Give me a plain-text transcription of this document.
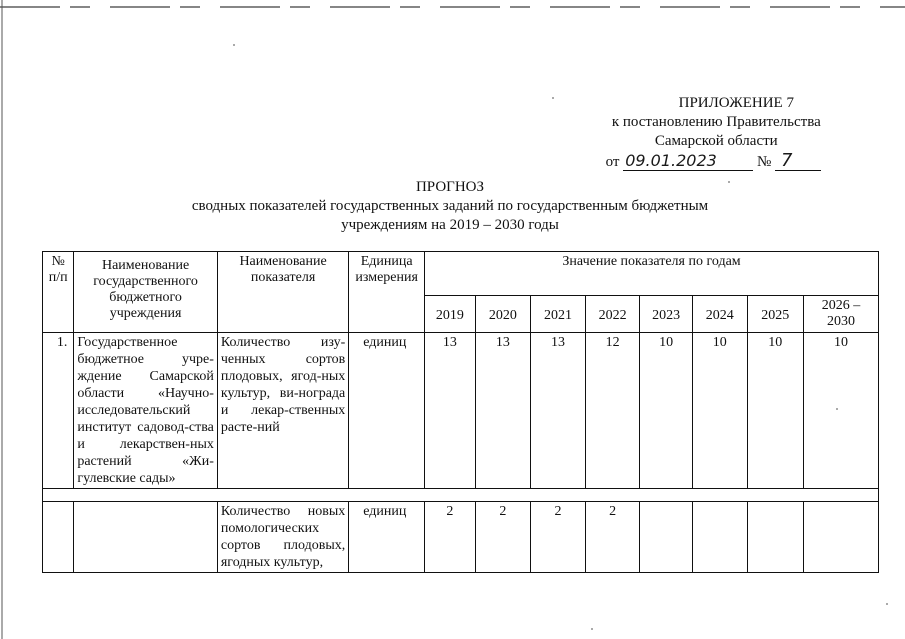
ПРИЛОЖЕНИЕ 7
к постановлению Правительства
Самарской области
от 09.01.2023	№ 7
ПРОГНОЗ
сводных показателей государственных заданий по государственным бюджетным
учреждениям на 2019 – 2030 годы
№ п/п	Наименование государственного бюджетного учреждения	Наименование показателя	Единица измерения	Значение показателя по годам							
				2019	2020	2021	2022	2023	2024	2025	2026 – 2030
1.	Государственное бюджетное учре-ждение Самарской области «Научно-исследовательский институт садовод-ства и лекарствен-ных растений «Жи-гулевские сады»	Количество изу-ченных сортов плодовых, ягод-ных культур, ви-нограда и лекар-ственных расте-ний	единиц	13	13	13	12	10	10	10	10

		Количество новых помологических сортов плодовых, ягодных культур,	единиц	2	2	2	2				
